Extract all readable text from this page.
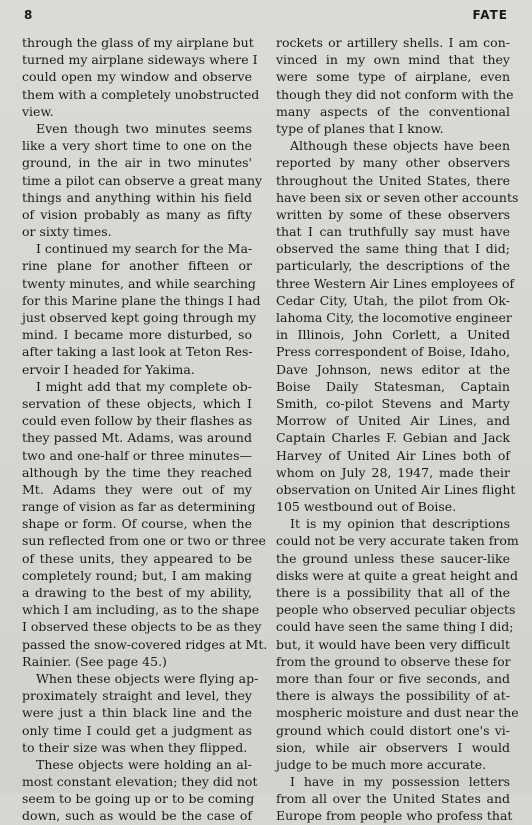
8	FATE
through the glass of my airplane but
turned my airplane sideways where I
could open my window and observe
them with a completely unobstructed
view.
Even though two minutes seems
like a very short time to one on the
ground, in the air in two minutes'
time a pilot can observe a great many
things and anything within his field
of vision probably as many as fifty
or sixty times.
I continued my search for the Ma-
rine plane for another fifteen or
twenty minutes, and while searching
for this Marine plane the things I had
just observed kept going through my
mind. I became more disturbed, so
after taking a last look at Teton Res-
ervoir I headed for Yakima.
I might add that my complete ob-
servation of these objects, which I
could even follow by their flashes as
they passed Mt. Adams, was around
two and one-half or three minutes—
although by the time they reached
Mt. Adams they were out of my
range of vision as far as determining
shape or form. Of course, when the
sun reflected from one or two or three
of these units, they appeared to be
completely round; but, I am making
a drawing to the best of my ability,
which I am including, as to the shape
I observed these objects to be as they
passed the snow-covered ridges at Mt.
Rainier. (See page 45.)
When these objects were flying ap-
proximately straight and level, they
were just a thin black line and the
only time I could get a judgment as
to their size was when they flipped.
These objects were holding an al-
most constant elevation; they did not
seem to be going up or to be coming
down, such as would be the case of
rockets or artillery shells. I am con-
vinced in my own mind that they
were some type of airplane, even
though they did not conform with the
many aspects of the conventional
type of planes that I know.
Although these objects have been
reported by many other observers
throughout the United States, there
have been six or seven other accounts
written by some of these observers
that I can truthfully say must have
observed the same thing that I did;
particularly, the descriptions of the
three Western Air Lines employees of
Cedar City, Utah, the pilot from Ok-
lahoma City, the locomotive engineer
in Illinois, John Corlett, a United
Press correspondent of Boise, Idaho,
Dave Johnson, news editor at the
Boise Daily Statesman, Captain
Smith, co-pilot Stevens and Marty
Morrow of United Air Lines, and
Captain Charles F. Gebian and Jack
Harvey of United Air Lines both of
whom on July 28, 1947, made their
observation on United Air Lines flight
105 westbound out of Boise.
It is my opinion that descriptions
could not be very accurate taken from
the ground unless these saucer-like
disks were at quite a great height and
there is a possibility that all of the
people who observed peculiar objects
could have seen the same thing I did;
but, it would have been very difficult
from the ground to observe these for
more than four or five seconds, and
there is always the possibility of at-
mospheric moisture and dust near the
ground which could distort one's vi-
sion, while air observers I would
judge to be much more accurate.
I have in my possession letters
from all over the United States and
Europe from people who profess that
